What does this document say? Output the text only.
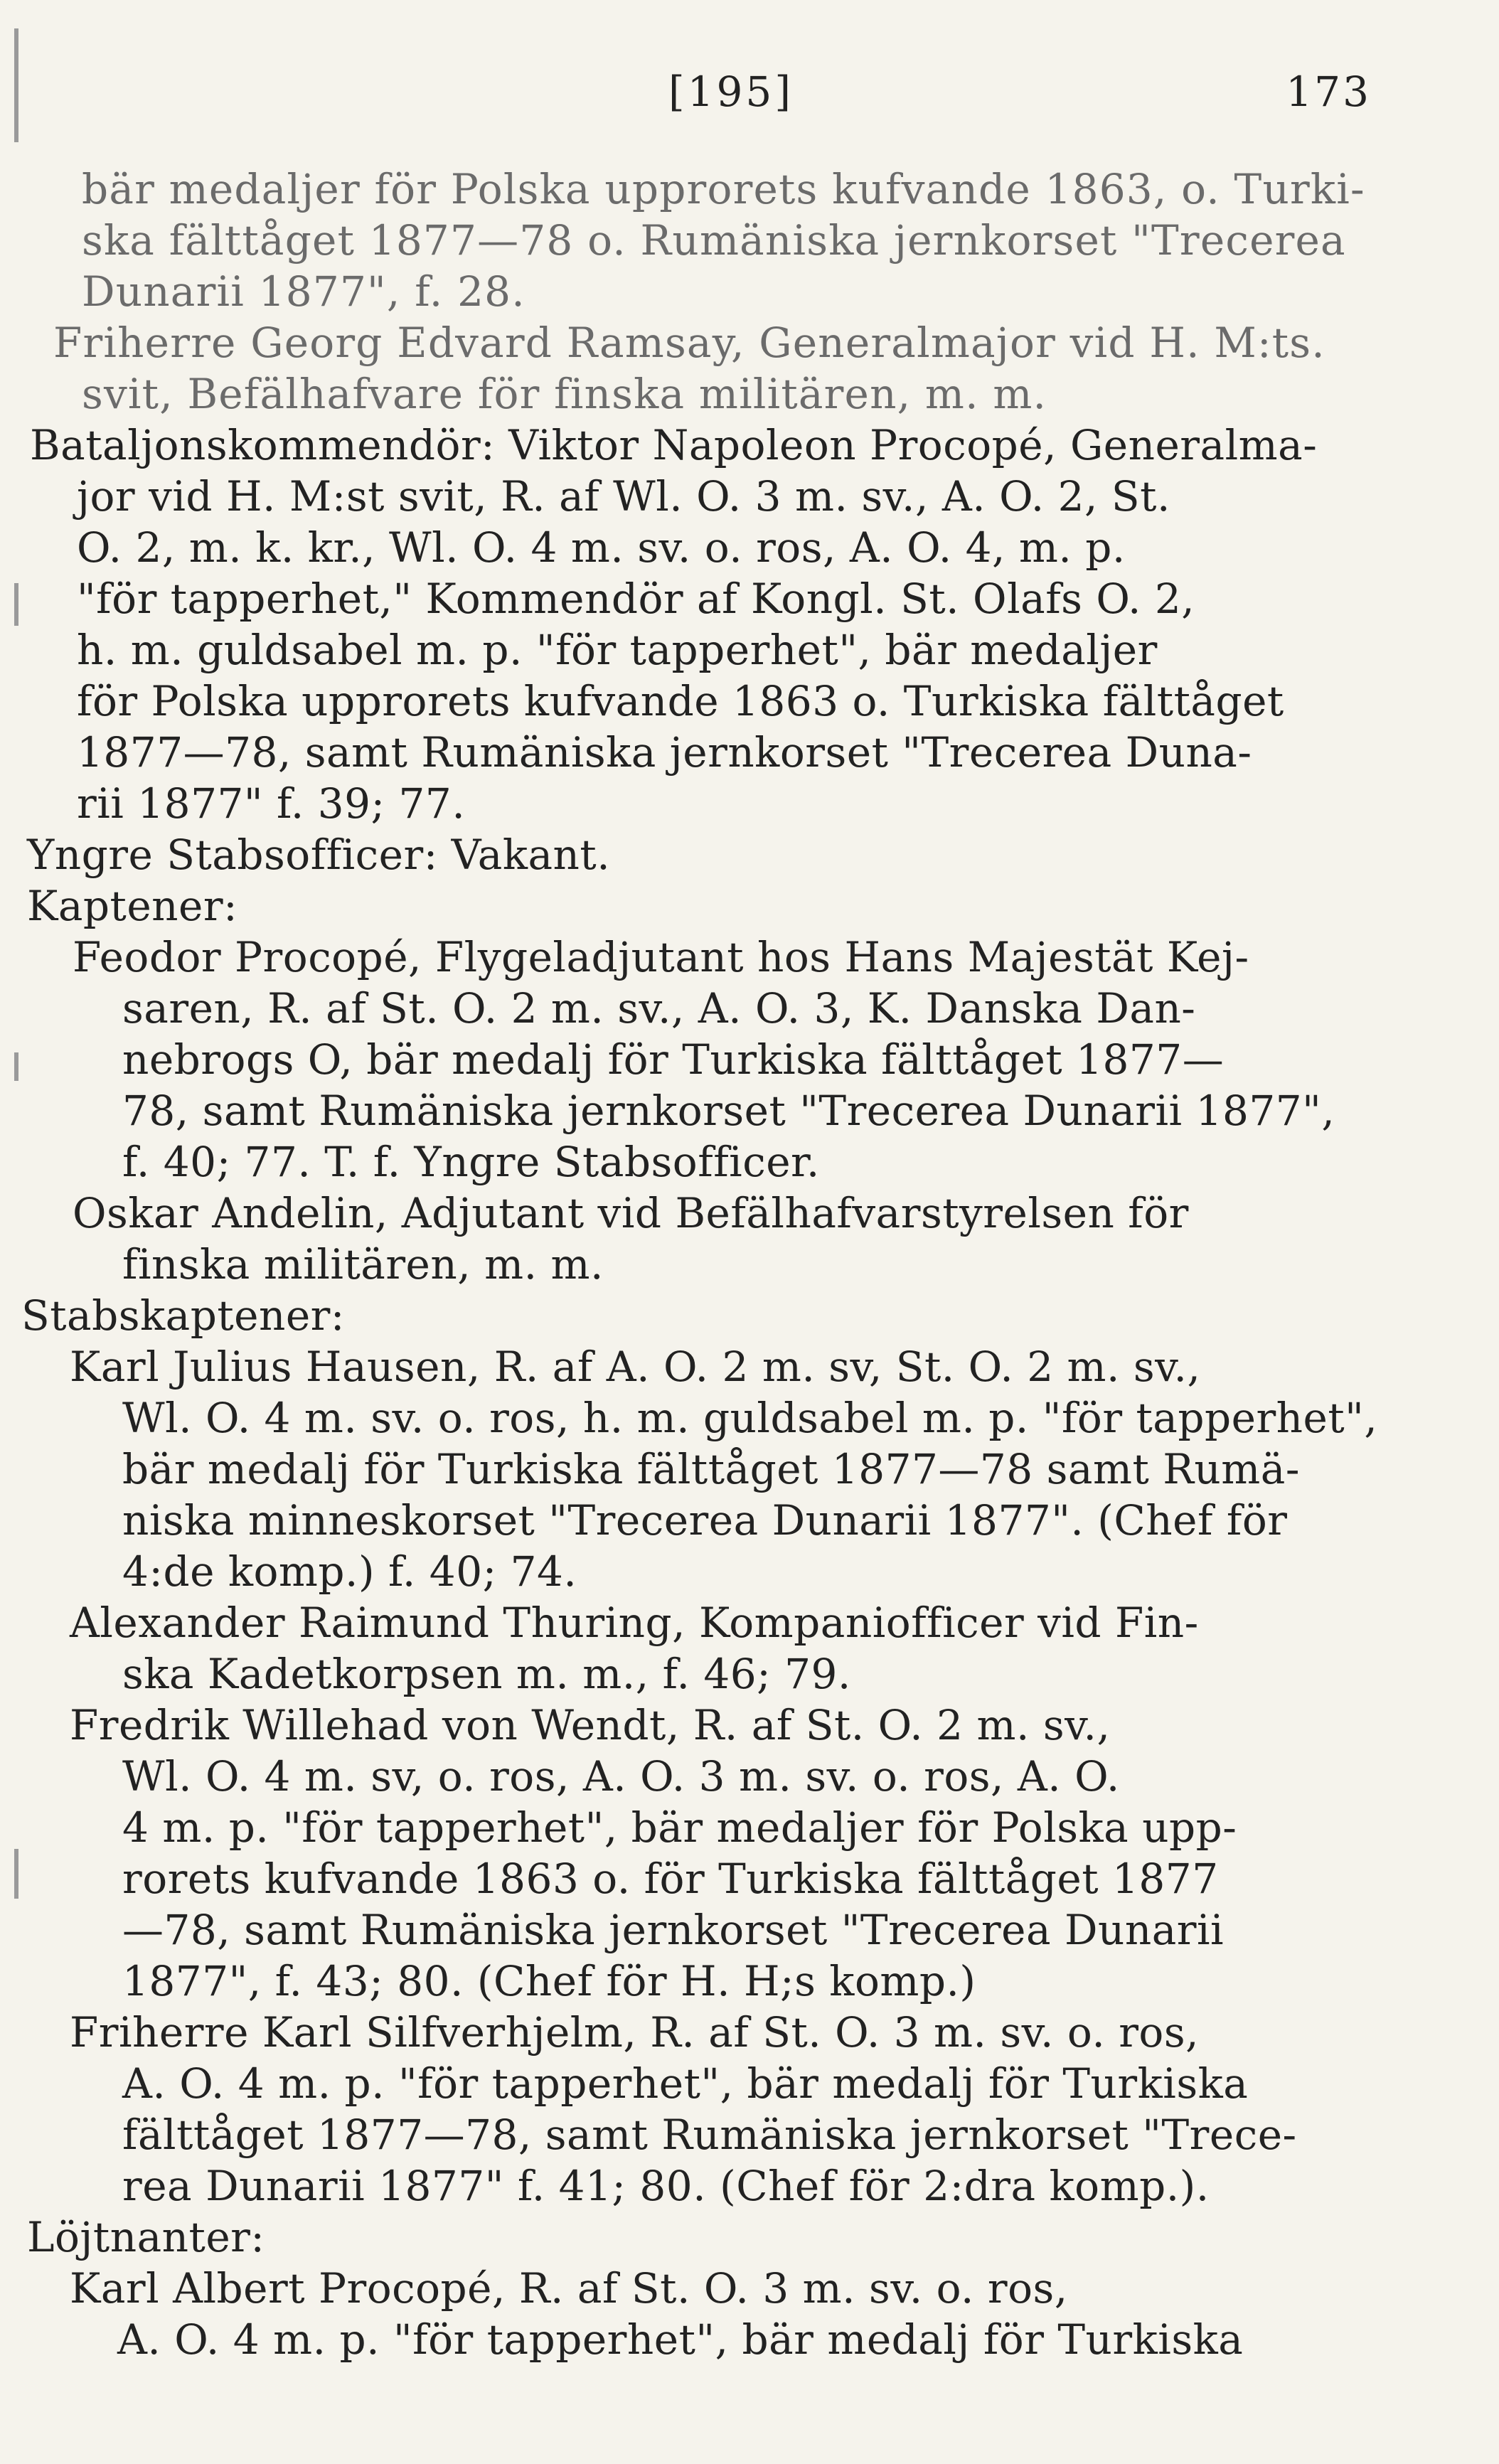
[195]	173
bär medaljer för Polska upprorets kufvande 1863, o. Turki-
ska fälttåget 1877—78 o. Rumäniska jernkorset "Trecerea
Dunarii 1877", f. 28.
Friherre Georg Edvard Ramsay, Generalmajor vid H. M:ts.
svit, Befälhafvare för finska militären, m. m.
Bataljonskommendör: Viktor Napoleon Procopé, Generalma-
jor vid H. M:st svit, R. af Wl. O. 3 m. sv., A. O. 2, St.
O. 2, m. k. kr., Wl. O. 4 m. sv. o. ros, A. O. 4, m. p.
"för tapperhet," Kommendör af Kongl. St. Olafs O. 2,
h. m. guldsabel m. p. "för tapperhet", bär medaljer
för Polska upprorets kufvande 1863 o. Turkiska fälttåget
1877—78, samt Rumäniska jernkorset "Trecerea Duna-
rii 1877" f. 39; 77.
Yngre Stabsofficer: Vakant.
Kaptener:
Feodor Procopé, Flygeladjutant hos Hans Majestät Kej-
saren, R. af St. O. 2 m. sv., A. O. 3, K. Danska Dan-
nebrogs O, bär medalj för Turkiska fälttåget 1877—
78, samt Rumäniska jernkorset "Trecerea Dunarii 1877",
f. 40; 77. T. f. Yngre Stabsofficer.
Oskar Andelin, Adjutant vid Befälhafvarstyrelsen för
finska militären, m. m.
Stabskaptener:
Karl Julius Hausen, R. af A. O. 2 m. sv, St. O. 2 m. sv.,
Wl. O. 4 m. sv. o. ros, h. m. guldsabel m. p. "för tapperhet",
bär medalj för Turkiska fälttåget 1877—78 samt Rumä-
niska minneskorset "Trecerea Dunarii 1877". (Chef för
4:de komp.) f. 40; 74.
Alexander Raimund Thuring, Kompaniofficer vid Fin-
ska Kadetkorpsen m. m., f. 46; 79.
Fredrik Willehad von Wendt, R. af St. O. 2 m. sv.,
Wl. O. 4 m. sv, o. ros, A. O. 3 m. sv. o. ros, A. O.
4 m. p. "för tapperhet", bär medaljer för Polska upp-
rorets kufvande 1863 o. för Turkiska fälttåget 1877
—78, samt Rumäniska jernkorset "Trecerea Dunarii
1877", f. 43; 80. (Chef för H. H;s komp.)
Friherre Karl Silfverhjelm, R. af St. O. 3 m. sv. o. ros,
A. O. 4 m. p. "för tapperhet", bär medalj för Turkiska
fälttåget 1877—78, samt Rumäniska jernkorset "Trece-
rea Dunarii 1877" f. 41; 80. (Chef för 2:dra komp.).
Löjtnanter:
Karl Albert Procopé, R. af St. O. 3 m. sv. o. ros,
A. O. 4 m. p. "för tapperhet", bär medalj för Turkiska
